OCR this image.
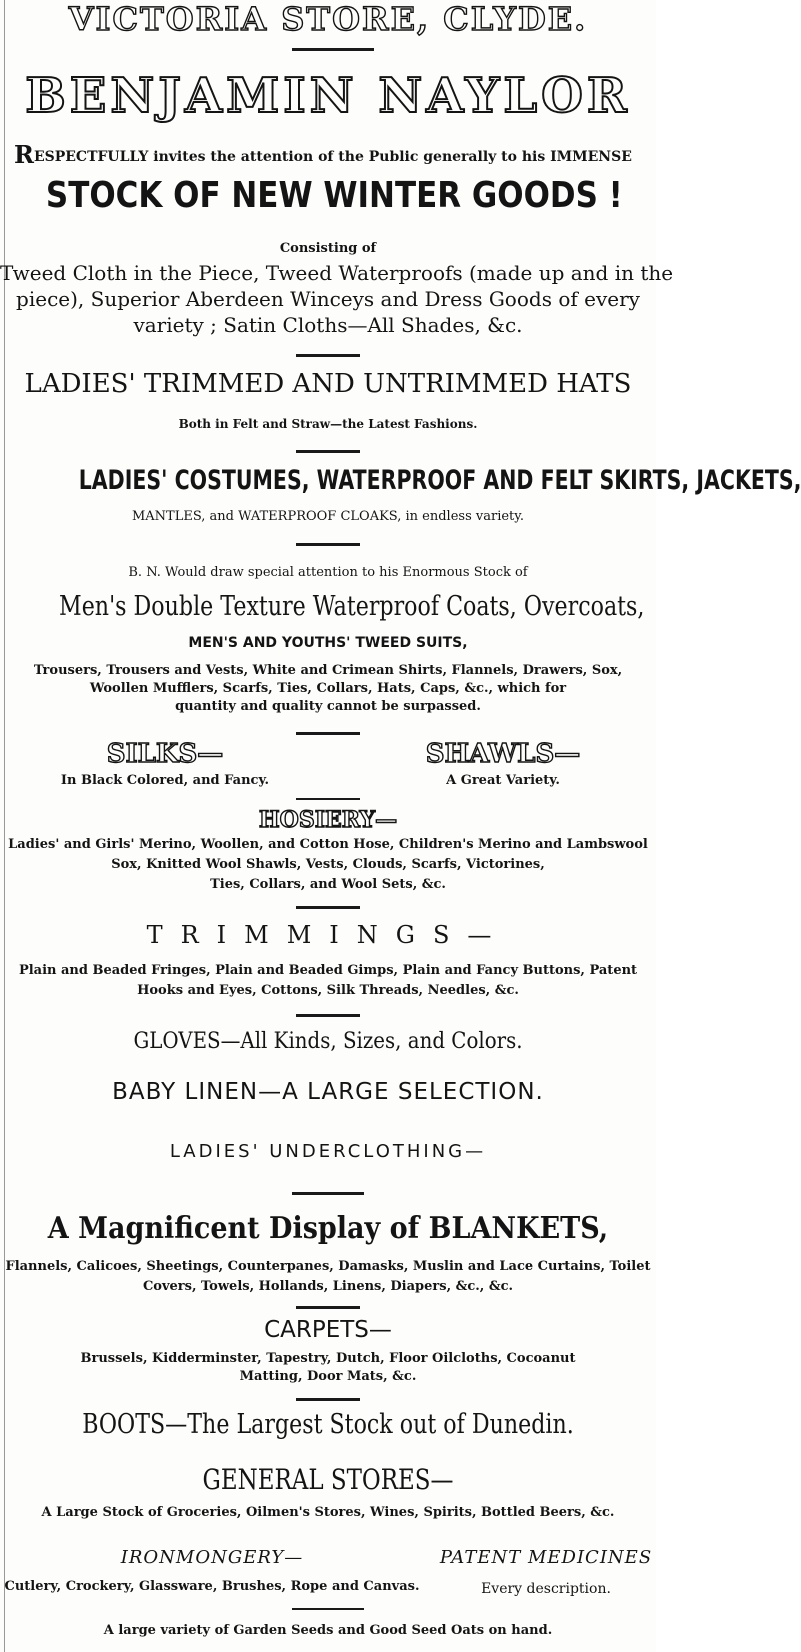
VICTORIA STORE, CLYDE.
BENJAMIN NAYLOR
RESPECTFULLY invites the attention of the Public generally to his IMMENSE
STOCK OF NEW WINTER GOODS !
Consisting of
Tweed Cloth in the Piece, Tweed Waterproofs (made up and in the
piece), Superior Aberdeen Winceys and Dress Goods of every
variety ; Satin Cloths—All Shades, &c.
LADIES' TRIMMED AND UNTRIMMED HATS
Both in Felt and Straw—the Latest Fashions.
LADIES' COSTUMES, WATERPROOF AND FELT SKIRTS, JACKETS,
MANTLES, and WATERPROOF CLOAKS, in endless variety.
B. N. Would draw special attention to his Enormous Stock of
Men's Double Texture Waterproof Coats, Overcoats,
MEN'S AND YOUTHS' TWEED SUITS,
Trousers, Trousers and Vests, White and Crimean Shirts, Flannels, Drawers, Sox,
Woollen Mufflers, Scarfs, Ties, Collars, Hats, Caps, &c., which for
quantity and quality cannot be surpassed.
SILKS—
In Black Colored, and Fancy.
SHAWLS—
A Great Variety.
HOSIERY—
Ladies' and Girls' Merino, Woollen, and Cotton Hose, Children's Merino and Lambswool
Sox, Knitted Wool Shawls, Vests, Clouds, Scarfs, Victorines,
Ties, Collars, and Wool Sets, &c.
TRIMMINGS—
Plain and Beaded Fringes, Plain and Beaded Gimps, Plain and Fancy Buttons, Patent
Hooks and Eyes, Cottons, Silk Threads, Needles, &c.
GLOVES—All Kinds, Sizes, and Colors.
BABY LINEN—A LARGE SELECTION.
LADIES' UNDERCLOTHING—
A Magnificent Display of BLANKETS,
Flannels, Calicoes, Sheetings, Counterpanes, Damasks, Muslin and Lace Curtains, Toilet
Covers, Towels, Hollands, Linens, Diapers, &c., &c.
CARPETS—
Brussels, Kidderminster, Tapestry, Dutch, Floor Oilcloths, Cocoanut
Matting, Door Mats, &c.
BOOTS—The Largest Stock out of Dunedin.
GENERAL STORES—
A Large Stock of Groceries, Oilmen's Stores, Wines, Spirits, Bottled Beers, &c.
IRONMONGERY—
Cutlery, Crockery, Glassware, Brushes, Rope and Canvas.
PATENT MEDICINES
Every description.
A large variety of Garden Seeds and Good Seed Oats on hand.
